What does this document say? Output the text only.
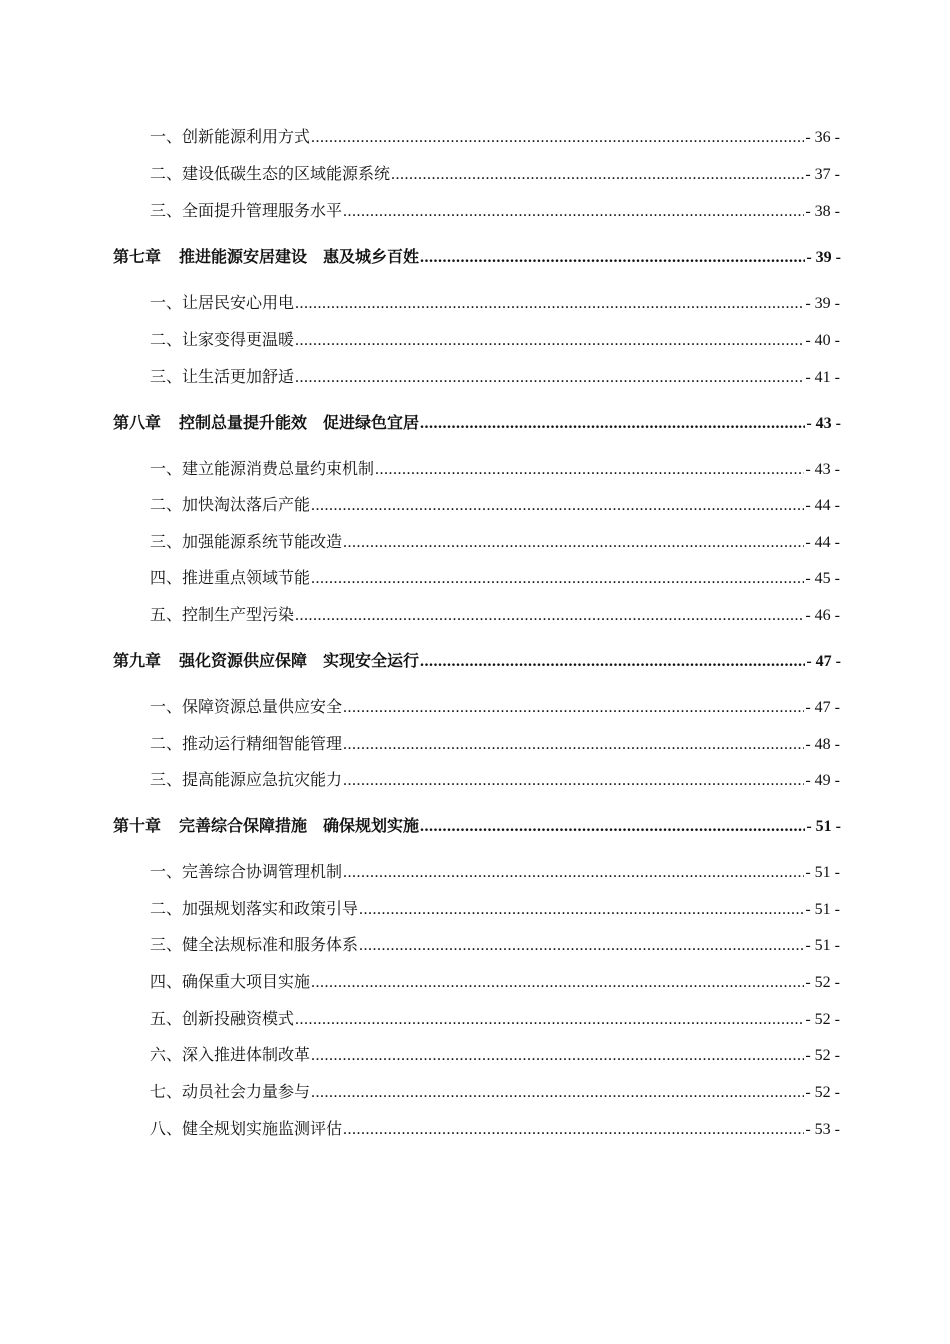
一、 创新能源利用方式 .....	- 36 -
二、 建设低碳生态的区域能源系统 .....	- 37 -
三、 全面提升管理服务水平 .....	- 38 -
第七章 推进能源安居建设　惠及城乡百姓 .....	- 39 -
一、 让居民安心用电 .....	- 39 -
二、 让家变得更温暖 .....	- 40 -
三、 让生活更加舒适 .....	- 41 -
第八章 控制总量提升能效　促进绿色宜居 .....	- 43 -
一、 建立能源消费总量约束机制 .....	- 43 -
二、 加快淘汰落后产能 .....	- 44 -
三、 加强能源系统节能改造 .....	- 44 -
四、 推进重点领域节能 .....	- 45 -
五、 控制生产型污染 .....	- 46 -
第九章 强化资源供应保障　实现安全运行 .....	- 47 -
一、 保障资源总量供应安全 .....	- 47 -
二、 推动运行精细智能管理 .....	- 48 -
三、 提高能源应急抗灾能力 .....	- 49 -
第十章 完善综合保障措施　确保规划实施 .....	- 51 -
一、 完善综合协调管理机制 .....	- 51 -
二、 加强规划落实和政策引导 .....	- 51 -
三、 健全法规标准和服务体系 .....	- 51 -
四、 确保重大项目实施 .....	- 52 -
五、 创新投融资模式 .....	- 52 -
六、 深入推进体制改革 .....	- 52 -
七、 动员社会力量参与 .....	- 52 -
八、 健全规划实施监测评估 .....	- 53 -
